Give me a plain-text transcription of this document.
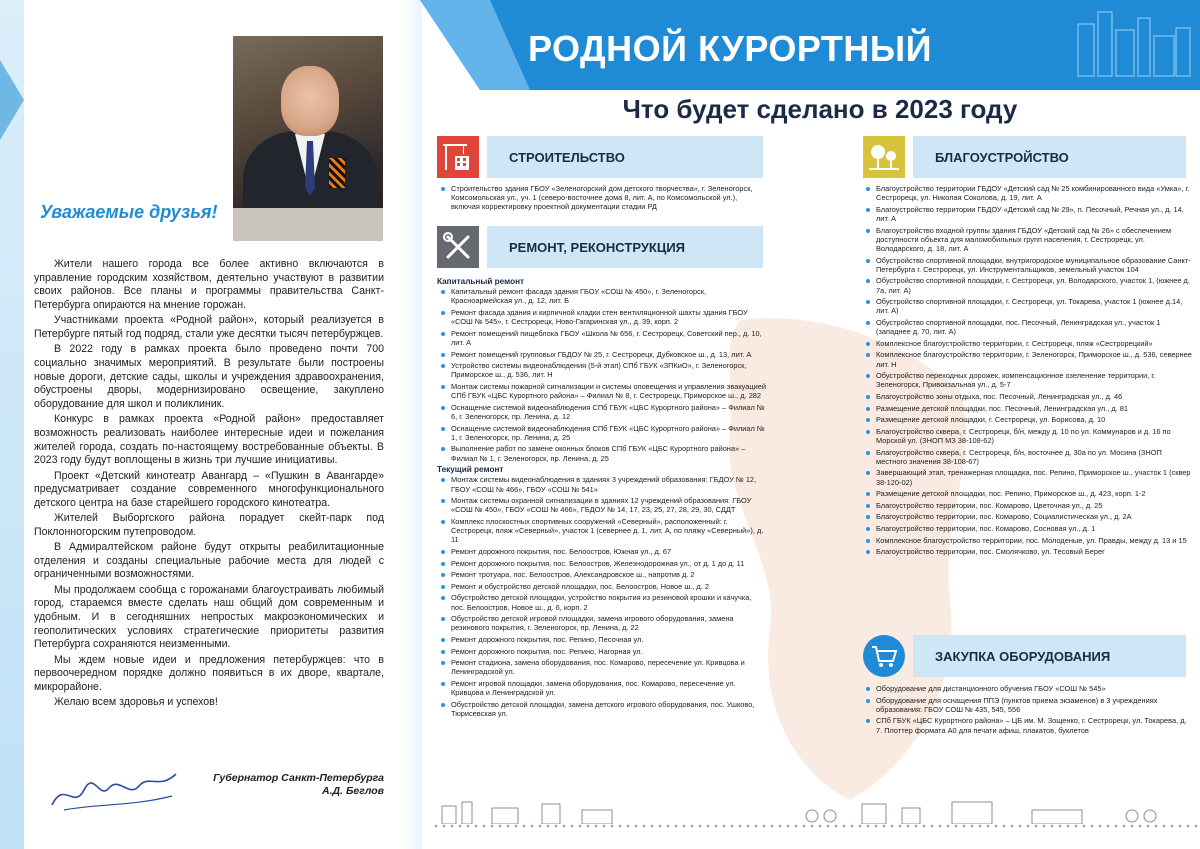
Уважаемые друзья!

Жители нашего города все более активно включаются в управление городским хозяйством, деятельно участвуют в развитии своих районов. Все планы и программы правительства Санкт-Петербурга опираются на мнение горожан.

Участниками проекта «Родной район», который реализуется в Петербурге пятый год подряд, стали уже десятки тысяч петербуржцев.

В 2022 году в рамках проекта было проведено почти 700 социально значимых мероприятий. В результате были построены новые дороги, детские сады, школы и учреждения здравоохранения, обустроены дворы, модернизировано освещение, закуплено оборудование для школ и поликлиник.

Конкурс в рамках проекта «Родной район» предоставляет возможность реализовать наиболее интересные идеи и пожелания жителей города, создать по-настоящему востребованные объекты. В 2023 году будут воплощены в жизнь три лучшие инициативы.

Проект «Детский кинотеатр Авангард – «Пушкин в Авангарде» предусматривает создание современного многофункционального детского центра на базе старейшего городского кинотеатра.

Жителей Выборгского района порадует скейт-парк под Поклонногорским путепроводом.

В Адмиралтейском районе будут открыты реабилитационные отделения и созданы специальные рабочие места для людей с ограниченными возможностями.

Мы продолжаем сообща с горожанами благоустраивать любимый город, стараемся вместе сделать наш общий дом современным и удобным. И в сегодняшних непростых макроэкономических и геополитических условиях стратегические приоритеты развития Петербурга сохраняются неизменными.

Мы ждем новые идеи и предложения петербуржцев: что в первоочередном порядке должно появиться в их дворе, квартале, микрорайоне.

Желаю всем здоровья и успехов!

Губернатор Санкт-Петербурга
А.Д. Беглов
РОДНОЙ КУРОРТНЫЙ
Что будет сделано в 2023 году
СТРОИТЕЛЬСТВО
Строительство здания ГБОУ «Зеленогорский дом детского творчества», г. Зеленогорск, Комсомольская ул., уч. 1 (северо-восточнее дома 8, лит. А, по Комсомольской ул.), включая корректировку проектной документации стадии РД
РЕМОНТ, РЕКОНСТРУКЦИЯ
Капитальный ремонт
Капитальный ремонт фасада здания ГБОУ «СОШ № 450», г. Зеленогорск, Красноармейская ул., д. 12, лит. Б
Ремонт фасада здания и кирпичной кладки стен вентиляционной шахты здания ГБОУ «СОШ № 545», г. Сестрорецк, Ново-Гагаринская ул., д. 39, корп. 2
Ремонт помещений пищеблока ГБОУ «Школа № 656, г. Сестрорецк, Советский пер., д. 10, лит. А
Ремонт помещений групповых ГБДОУ № 25, г. Сестрорецк, Дубковское ш., д. 13, лит. А
Устройство системы видеонаблюдения (5-й этап) СПб ГБУК «ЗПКиО», г. Зеленогорск, Приморское ш., д. 536, лит. Н
Монтаж системы пожарной сигнализации и системы оповещения и управления эвакуацией СПб ГБУК «ЦБС Курортного района» – Филиал № 8, г. Сестрорецк, Приморское ш., д. 282
Оснащение системой видеонаблюдения СПб ГБУК «ЦБС Курортного района» – Филиал № 6, г. Зеленогорск, пр. Ленина, д. 12
Оснащение системой видеонаблюдения СПб ГБУК «ЦБС Курортного района» – Филиал № 1, г. Зеленогорск, пр. Ленина, д. 25
Выполнение работ по замене оконных блоков СПб ГБУК «ЦБС Курортного района» – Филиал № 1, г. Зеленогорск, пр. Ленина, д. 25
Текущий ремонт
Монтаж системы видеонаблюдения в зданиях 3 учреждений образования: ГБДОУ № 12, ГБОУ «СОШ № 466», ГБОУ «СОШ № 541»
Монтаж системы охранной сигнализации в зданиях 12 учреждений образования: ГБОУ «СОШ № 450», ГБОУ «СОШ № 466», ГБДОУ № 14, 17, 23, 25, 27, 28, 29, 30, СДДТ
Комплекс плоскостных спортивных сооружений «Северный», расположенный: г. Сестрорецк, пляж «Северный», участок 1 (севернее д. 1, лит. А, по пляжу «Северный»), д. 11
Ремонт дорожного покрытия, пос. Белоостров, Южная ул., д. 67
Ремонт дорожного покрытия, пос. Белоостров, Железнодорожная ул., от д. 1 до д. 11
Ремонт тротуара, пос. Белоостров, Александровское ш., напротив д. 2
Ремонт и обустройство детской площадки, пос. Белоостров, Новое ш., д. 2
Обустройство детской площадки, устройство покрытия из резиновой крошки и качучка, пос. Белоостров, Новое ш., д. 6, корп. 2
Обустройство детской игровой площадки, замена игрового оборудования, замена резинового покрытия, г. Зеленогорск, пр. Ленина, д. 22
Ремонт дорожного покрытия, пос. Репино, Песочная ул.
Ремонт дорожного покрытия, пос. Репино, Нагорная ул.
Ремонт стадиона, замена оборудования, пос. Комарово, пересечение ул. Кривцова и Ленинградской ул.
Ремонт игровой площадки, замена оборудования, пос. Комарово, пересечение ул. Кривцова и Ленинградской ул.
Обустройство детской площадки, замена детского игрового оборудования, пос. Ушково, Тюрисевская ул.
БЛАГОУСТРОЙСТВО
Благоустройство территории ГБДОУ «Детский сад № 25 комбинированного вида «Умка», г. Сестрорецк, ул. Николая Соколова, д. 19, лит. А
Благоустройство территории ГБДОУ «Детский сад № 29», п. Песочный, Речная ул., д. 14, лит. А
Благоустройство входной группы здания ГБДОУ «Детский сад № 26» с обеспечением доступности объекта для маломобильных групп населения, г. Сестрорецк, ул. Володарского, д. 18, лит. А
Обустройство спортивной площадки, внутригородское муниципальное образование Санкт-Петербурга г. Сестрорецк, ул. Инструментальщиков, земельный участок 104
Обустройство спортивной площадки, г. Сестрорецк, ул. Володарского, участок 1, (южнее д. 7а, лит. А)
Обустройство спортивной площадки, г. Сестрорецк, ул. Токарева, участок 1 (южнее д.14, лит. А)
Обустройство спортивной площадки, пос. Песочный, Ленинградская ул., участок 1 (западнее д. 70, лит. А)
Комплексное благоустройство территории, г. Сестрорецк, пляж «Сестрорецкий»
Комплексное благоустройство территории, г. Зеленогорск, Приморское ш., д. 536, севернее лит. Н
Обустройство переходных дорожек, компенсационное озеленение территории, г. Зеленогорск, Привокзальная ул., д. 5-7
Благоустройство зоны отдыха, пос. Песочный, Ленинградская ул., д. 46
Размещение детской площадки, пос. Песочный, Ленинградская ул., д. 81
Размещение детской площадки, г. Сестрорецк, ул. Борисова, д. 10
Благоустройство сквера, г. Сестрорецк, б/н, между д. 10 по ул. Коммунаров и д. 16 по Морской ул. (ЗНОП МЗ 38-108-62)
Благоустройство сквера, г. Сестрорецк, б/н, восточнее д. 30а по ул. Мосина (ЗНОП местного значения 38-108-67)
Завершающий этап, тренажерная площадка, пос. Репино, Приморское ш., участок 1 (сквер 38-120-02)
Размещение детской площадки, пос. Репино, Приморское ш., д. 423, корп. 1-2
Благоустройство территории, пос. Комарово, Цветочная ул., д. 25
Благоустройство территории, пос. Комарово, Социалистическая ул., д. 2А
Благоустройство территории, пос. Комарово, Сосновая ул., д. 1
Комплексное благоустройство территории, пос. Молоденые, ул. Правды, между д. 13 и 15
Благоустройство территории, пос. Смолячково, ул. Тесовый Берег
ЗАКУПКА ОБОРУДОВАНИЯ
Оборудование для дистанционного обучения ГБОУ «СОШ № 545»
Оборудование для оснащения ППЭ (пунктов приема экзаменов) в 3 учреждениях образования: ГБОУ СОШ № 435, 545, 556
СПб ГБУК «ЦБС Курортного района» – ЦБ им. М. Зощенко, г. Сестрорецк, ул. Токарева, д. 7. Плоттер формата А0 для печати афиш, плакатов, буклетов
